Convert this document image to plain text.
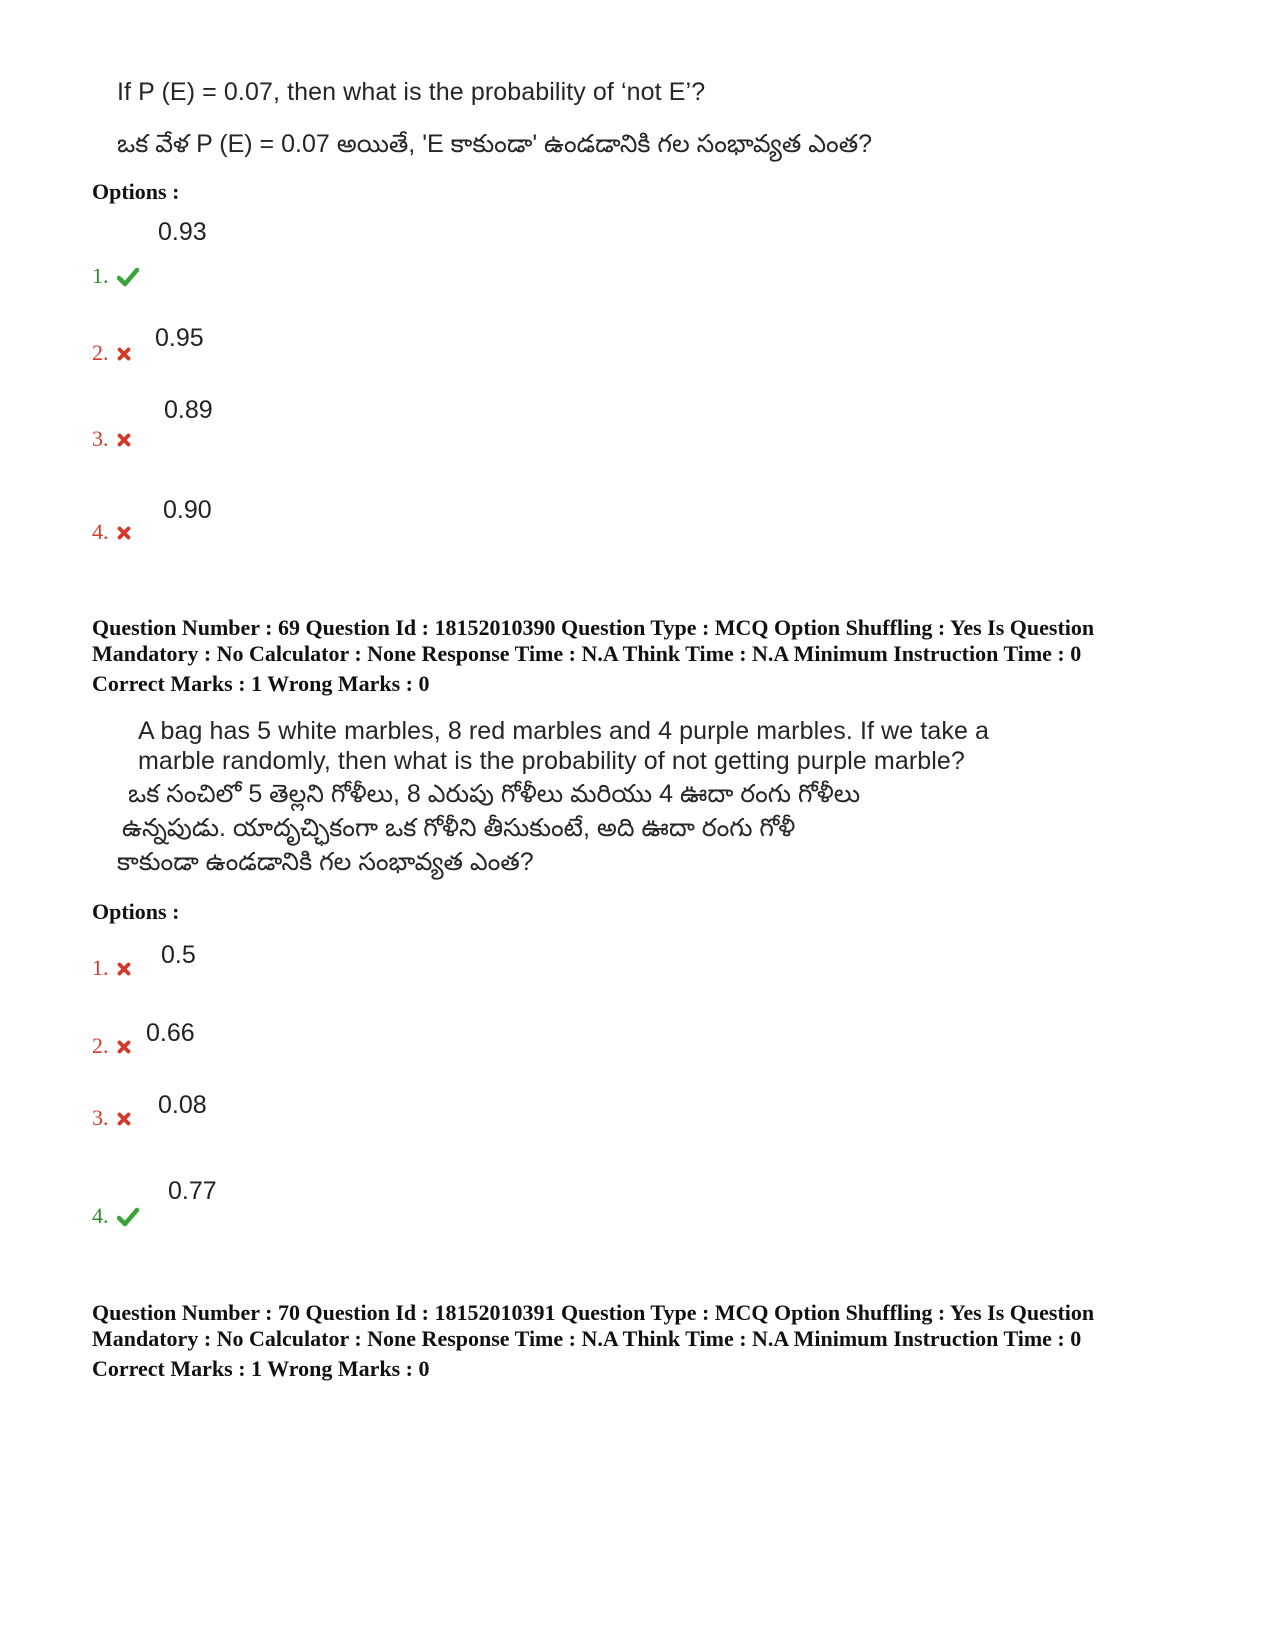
If P (E) = 0.07, then what is the probability of ‘not E’?
ఒక వేళ P (E) = 0.07 అయితే, 'E కాకుండా' ఉండడానికి గల సంభావ్యత ఎంత?
Options :
0.93
1.
0.95
2.
0.89
3.
0.90
4.
Question Number : 69 Question Id : 18152010390 Question Type : MCQ Option Shuffling : Yes Is Question
Mandatory : No Calculator : None Response Time : N.A Think Time : N.A Minimum Instruction Time : 0
Correct Marks : 1 Wrong Marks : 0
A bag has 5 white marbles, 8 red marbles and 4 purple marbles. If we take a
marble randomly, then what is the probability of not getting purple marble?
ఒక సంచిలో 5 తెల్లని గోళీలు, 8 ఎరుపు గోళీలు మరియు 4 ఊదా రంగు గోళీలు
ఉన్నపుడు. యాదృచ్ఛికంగా ఒక గోళీని తీసుకుంటే, అది ఊదా రంగు గోళీ
కాకుండా ఉండడానికి గల సంభావ్యత ఎంత?
Options :
0.5
1.
0.66
2.
0.08
3.
0.77
4.
Question Number : 70 Question Id : 18152010391 Question Type : MCQ Option Shuffling : Yes Is Question
Mandatory : No Calculator : None Response Time : N.A Think Time : N.A Minimum Instruction Time : 0
Correct Marks : 1 Wrong Marks : 0
